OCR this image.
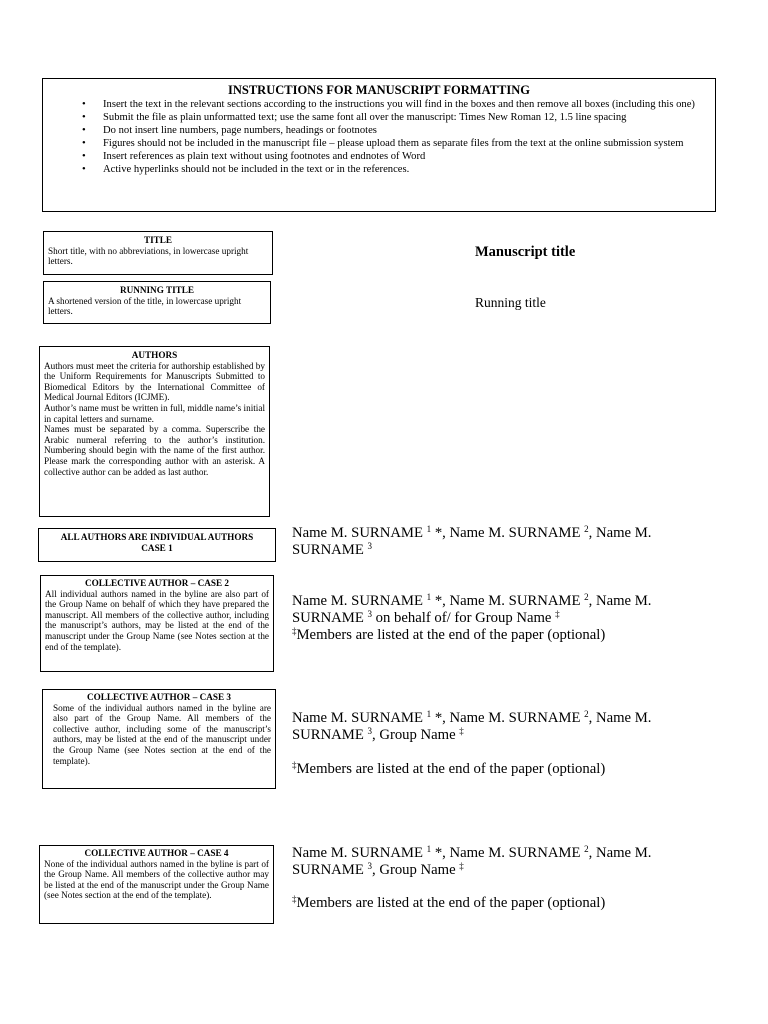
INSTRUCTIONS FOR MANUSCRIPT FORMATTING
• Insert the text in the relevant sections according to the instructions you will find in the boxes and then remove all boxes (including this one)
• Submit the file as plain unformatted text; use the same font all over the manuscript: Times New Roman 12, 1.5 line spacing
• Do not insert line numbers, page numbers, headings or footnotes
• Figures should not be included in the manuscript file – please upload them as separate files from the text at the online submission system
• Insert references as plain text without using footnotes and endnotes of Word
• Active hyperlinks should not be included in the text or in the references.
TITLE
Short title, with no abbreviations, in lowercase upright letters.
RUNNING TITLE
A shortened version of the title, in lowercase upright letters.
AUTHORS
Authors must meet the criteria for authorship established by the Uniform Requirements for Manuscripts Submitted to Biomedical Editors by the International Committee of Medical Journal Editors (ICJME).
Author’s name must be written in full, middle name’s initial in capital letters and surname.
Names must be separated by a comma. Superscribe the Arabic numeral referring to the author’s institution. Numbering should begin with the name of the first author. Please mark the corresponding author with an asterisk. A collective author can be added as last author.
ALL AUTHORS ARE INDIVIDUAL AUTHORS CASE 1
COLLECTIVE AUTHOR – CASE 2
All individual authors named in the byline are also part of the Group Name on behalf of which they have prepared the manuscript. All members of the collective author, including the manuscript’s authors, may be listed at the end of the manuscript under the Group Name (see Notes section at the end of the template).
COLLECTIVE AUTHOR – CASE 3
Some of the individual authors named in the byline are also part of the Group Name. All members of the collective author, including some of the manuscript’s authors, may be listed at the end of the manuscript under the Group Name (see Notes section at the end of the template).
COLLECTIVE AUTHOR – CASE 4
None of the individual authors named in the byline is part of the Group Name. All members of the collective author may be listed at the end of the manuscript under the Group Name (see Notes section at the end of the template).
Manuscript title
Running title
Name M. SURNAME $^1$ *, Name M. SURNAME $^2$, Name M.
SURNAME $^3$
Name M. SURNAME $^1$ *, Name M. SURNAME $^2$, Name M.
SURNAME $^3$ on behalf of/ for Group Name ‡
‡Members are listed at the end of the paper (optional)
Name M. SURNAME $^1$ *, Name M. SURNAME $^2$, Name M.
SURNAME $^3$, Group Name ‡
‡Members are listed at the end of the paper (optional)
Name M. SURNAME $^1$ *, Name M. SURNAME $^2$, Name M.
SURNAME $^3$, Group Name ‡
‡Members are listed at the end of the paper (optional)
